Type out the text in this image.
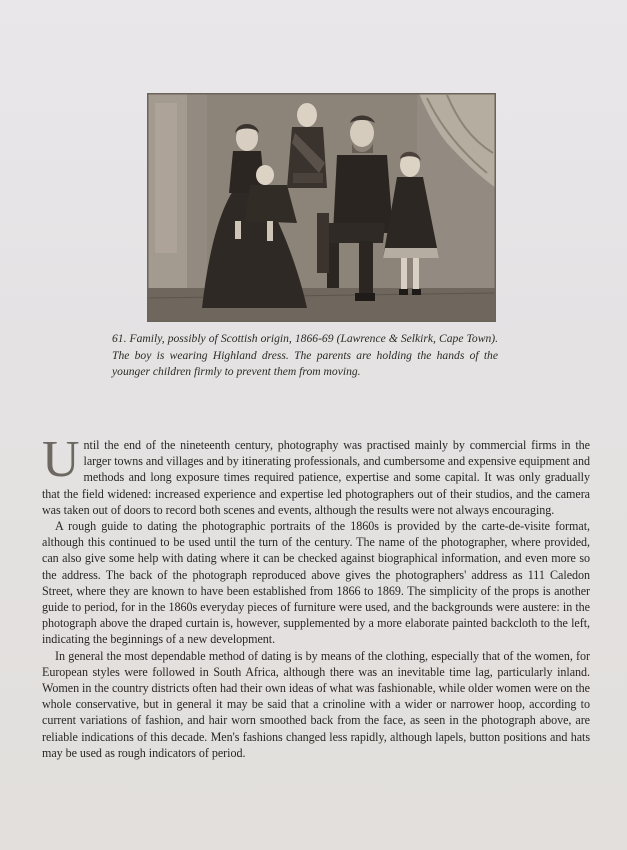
61. Family, possibly of Scottish origin, 1866-69 (Lawrence & Selkirk, Cape Town). The boy is wearing Highland dress. The parents are holding the hands of the younger children firmly to prevent them from moving.

Until the end of the nineteenth century, photography was practised mainly by commercial firms in the larger towns and villages and by itinerating professionals, and cumbersome and expensive equipment and methods and long exposure times required patience, expertise and some capital. It was only gradually that the field widened: increased experience and expertise led photographers out of their studios, and the camera was taken out of doors to record both scenes and events, although the results were not always encouraging.

A rough guide to dating the photographic portraits of the 1860s is provided by the carte-de-visite format, although this continued to be used until the turn of the century. The name of the photographer, where provided, can also give some help with dating where it can be checked against biographical information, and even more so the address. The back of the photograph reproduced above gives the photographers' address as 111 Caledon Street, where they are known to have been established from 1866 to 1869. The simplicity of the props is another guide to period, for in the 1860s everyday pieces of furniture were used, and the backgrounds were austere: in the photograph above the draped curtain is, however, supplemented by a more elaborate painted backcloth to the left, indicating the beginnings of a new development.

In general the most dependable method of dating is by means of the clothing, especially that of the women, for European styles were followed in South Africa, although there was an inevitable time lag, particularly inland. Women in the country districts often had their own ideas of what was fashionable, while older women were on the whole conservative, but in general it may be said that a crinoline with a wider or narrower hoop, according to current variations of fashion, and hair worn smoothed back from the face, as seen in the photograph above, are reliable indications of this decade. Men's fashions changed less rapidly, although lapels, button positions and hats may be used as rough indicators of period.
